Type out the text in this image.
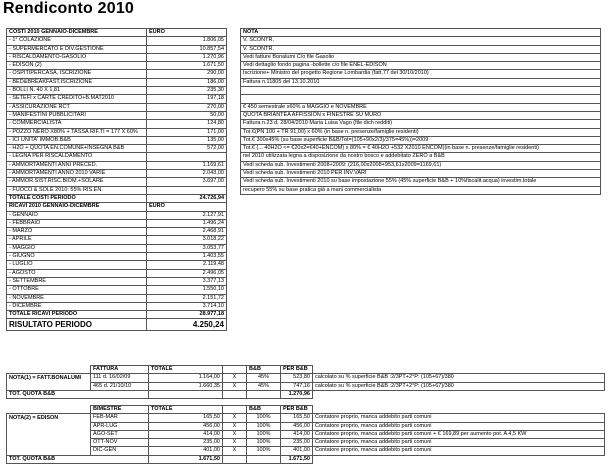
Rendiconto 2010
COSTI 2010 GENNAIO-DICEMBRE	EURO		NOTA
- 1° COLAZIONE	1.806,05		V. SCONTR.
- SUPERMERCATO E DIV.GESTIONE	10.857,54		V. SCONTR.
- RISCALDAMENTO-GASOLIO	1.270,96		Vedi fatture Bonalumi C/o file Gasolio
- EDISON (2)	1.671,50		Vedi dettaglio fondo pagina -bollette c/o file ENEL-EDISON
- OSPITIPERCASA, ISCRIZIONE	290,00		Iscrizione+ Ministro del progetto Regione Lombardia (fatt.77 del 30/10/2010)
- BED&BREAKFAST,ISCRIZIONE	186,00		Fattura n.11805 del 13.10.2010
- BOLLI N. 40 X 1,81	235,30		
- SETEFI x CARTE CREDITO+B.MAT2010	197,18		
- ASSICURAZIONE RCT	270,00		€ 450 semestrale x60% a MAGGIO e NOVEMBRE
- MANIFESTINI PUBBLICITARI	50,00		QUOTA BRIANTEA AFFISSION x FINESTRE SU MURO
- COMMERCIALISTA	124,80		Fattura n.23 d. 28/04/2010 Maria Luisa Vago (file dich redditi)
- POZZO NERO X80% + TASSA RIF.TI = 177 X 60%	171,00		Tot.€(PN 100 + TR 91,00) x 60% (in base n. presenze/famiglie residenti)
- ICI UNITA' IMMOB.B&B	135,00		Tot.€ 300x45% (su base superficie B&B/Tot=(105+90x2/3)/375=45%))=2009
- H2O + QUOTA EN.COMUNE+INSEGNA B&B	572,00		Tot.€ (... 40H2O <= €20x2=€40+ENCOM) x 80% = € 40H2O +532 X2010 ENCOM)(in base n. presenze/famiglie residenti)
- LEGNA PER RISCALDAMENTO			nel 2010 utilizzata legna a disposizione da nostro bosco e addebitato ZERO a B&B
- AMMORTAMENTI ANNI PRECED.	1.169,61		Vedi scheda sub. Investimenti 2008+2009: (216,00x2008+953,61x2009=1169,61)
- AMMORTAMENTI ANNO 2010 VARIE	2.043,00		Vedi scheda sub. Investimenti 2010 PER INV.VARI
- AMMOR.SIST.RISC.BIOM.+SOLARE	3.697,00		Vedi scheda sub. Investimenti 2010 su base impostazione 55% (45% superficie B&B + 10%fiscalit.acqua) investim.totale
- FUOCO & SOLE 2010: 55% RIS.EN.			recupero 55% su base pratica già a mani commercialista
TOTALE COSTI PERIODO	24.726,94		
RICAVI 2010 GENNAIO-DICEMBRE	EURO		
- GENNAIO	2.127,91		
- FEBBRAIO	1.496,24		
- MARZO	2.468,91		
- APRILE	3.018,22		
- MAGGIO	3.053,77		
- GIUGNO	1.403,55		
- LUGLIO	2.119,48		
- AGOSTO	2.496,05		
- SETTEMBRE	3.377,13		
- OTTOBRE	1.550,10		
- NOVEMBRE	2.151,72		
- DICEMBRE	3.714,10		
TOTALE RICAVI PERIODO	28.977,18		
RISULTATO PERIODO	4.250,24		
	FATTURA	TOTALE		B&B	PER B&B	
NOTA(1) = FATT.BONALUMI	111 d. 16/02/09	1.164,00	X	45%	523,80	calcolato su % superficie B&B :2/3PT+2°P: (105+67)/380
	465 d. 21/10/10	1.660,35	X	45%	747,16	calcolato su % superficie B&B :2/3PT+2°P: (105+67)/380
TOT. QUOTA B&B					1.270,96	
	BIMESTRE	TOTALE		B&B	PER B&B	
NOTA(2) = EDISON	FEB-MAR	165,50	X	100%	165,50	Contatore proprio, manca addebito parti comuni
	APR-LUG	456,00	X	100%	456,00	Contatore proprio, manca addebito parti comuni
	AGO-SET	414,00	X	100%	414,00	Contatore proprio, manca addebito parti comuni + € 169,89 per aumento pot. A 4,5 KW
	OTT-NOV	235,00	X	100%	235,00	Contatore proprio, manca addebito parti comuni
	DIC-GEN	401,00	X	100%	401,00	Contatore proprio, manca addebito parti comuni
TOT. QUOTA B&B		1.671,50			1.671,50	
